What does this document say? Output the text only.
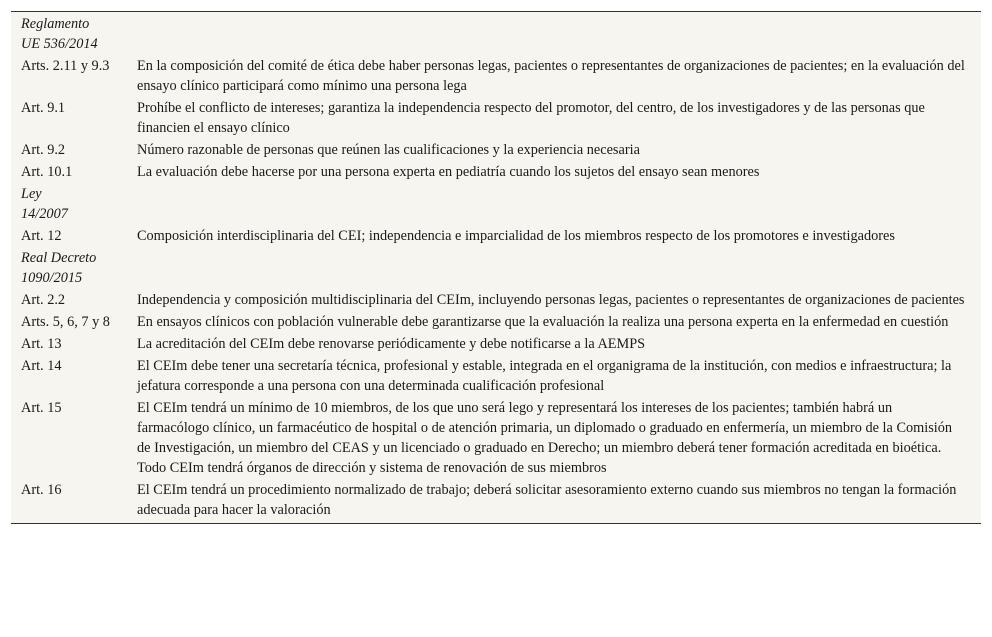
Reglamento UE 536/2014	

Arts. 2.11 y 9.3	En la composición del comité de ética debe haber personas legas, pacientes o representantes de organizaciones de pacientes; en la evaluación del ensayo clínico participará como mínimo una persona lega
Art. 9.1	Prohíbe el conflicto de intereses; garantiza la independencia respecto del promotor, del centro, de los investigadores y de las personas que financien el ensayo clínico
Art. 9.2	Número razonable de personas que reúnen las cualificaciones y la experiencia necesaria
Art. 10.1	La evaluación debe hacerse por una persona experta en pediatría cuando los sujetos del ensayo sean menores

Ley 14/2007	

Art. 12	Composición interdisciplinaria del CEI; independencia e imparcialidad de los miembros respecto de los promotores e investigadores

Real Decreto 1090/2015	

Art. 2.2	Independencia y composición multidisciplinaria del CEIm, incluyendo personas legas, pacientes o representantes de organizaciones de pacientes
Arts. 5, 6, 7 y 8	En ensayos clínicos con población vulnerable debe garantizarse que la evaluación la realiza una persona experta en la enfermedad en cuestión
Art. 13	La acreditación del CEIm debe renovarse periódicamente y debe notificarse a la AEMPS
Art. 14	El CEIm debe tener una secretaría técnica, profesional y estable, integrada en el organigrama de la institución, con medios e infraestructura; la jefatura corresponde a una persona con una determinada cualificación profesional
Art. 15	El CEIm tendrá un mínimo de 10 miembros, de los que uno será lego y representará los intereses de los pacientes; también habrá un farmacólogo clínico, un farmacéutico de hospital o de atención primaria, un diplomado o graduado en enfermería, un miembro de la Comisión de Investigación, un miembro del CEAS y un licenciado o graduado en Derecho; un miembro deberá tener formación acreditada en bioética. Todo CEIm tendrá órganos de dirección y sistema de renovación de sus miembros
Art. 16	El CEIm tendrá un procedimiento normalizado de trabajo; deberá solicitar asesoramiento externo cuando sus miembros no tengan la formación adecuada para hacer la valoración
